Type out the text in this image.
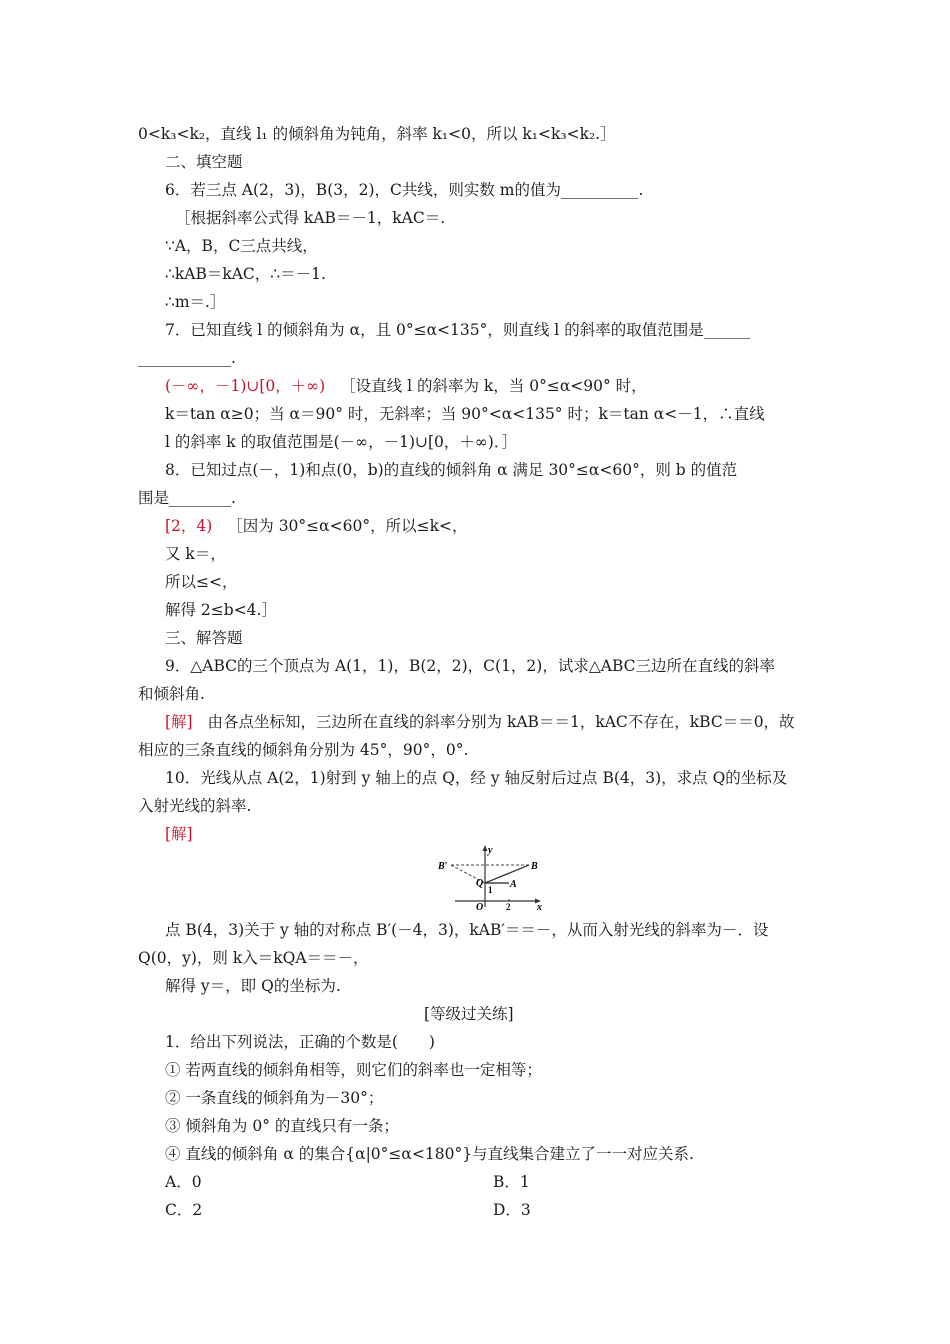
0<k₃<k₂，直线 l₁ 的倾斜角为钝角，斜率 k₁<0，所以 k₁<k₃<k₂.］
二、填空题
6．若三点 A(2，3)，B(3，2)，C共线，则实数 m的值为__________.
［根据斜率公式得 kAB＝－1，kAC＝.
∵A，B，C三点共线，
∴kAB＝kAC，∴＝－1.
∴m＝.］
7．已知直线 l 的倾斜角为 α，且 0°≤α<135°，则直线 l 的斜率的取值范围是______
____________.
(－∞，－1)∪[0，＋∞) ［设直线 l 的斜率为 k，当 0°≤α<90° 时，
k＝tan α≥0；当 α＝90° 时，无斜率；当 90°<α<135° 时；k＝tan α<－1，∴直线
l 的斜率 k 的取值范围是(－∞，－1)∪[0，＋∞)．］
8．已知过点(－，1)和点(0，b)的直线的倾斜角 α 满足 30°≤α<60°，则 b 的值范
围是________.
[2，4) ［因为 30°≤α<60°，所以≤k<，
又 k＝，
所以≤<，
解得 2≤b<4.］
三、解答题
9．△ABC的三个顶点为 A(1，1)，B(2，2)，C(1，2)，试求△ABC三边所在直线的斜率
和倾斜角.
[解] 由各点坐标知，三边所在直线的斜率分别为 kAB＝＝1，kAC不存在，kBC＝＝0，故
相应的三条直线的倾斜角分别为 45°，90°，0°.
10．光线从点 A(2，1)射到 y 轴上的点 Q，经 y 轴反射后过点 B(4，3)，求点 Q的坐标及
入射光线的斜率.
[解]
y
x
B′	B
Q
1 A
O	2
点 B(4，3)关于 y 轴的对称点 B′(－4，3)，kAB′＝＝－，从而入射光线的斜率为－．设
Q(0，y)，则 k入＝kQA＝＝－，
解得 y＝，即 Q的坐标为.
[等级过关练]
1．给出下列说法，正确的个数是(　　)
① 若两直线的倾斜角相等，则它们的斜率也一定相等；
② 一条直线的倾斜角为－30°；
③ 倾斜角为 0° 的直线只有一条；
④ 直线的倾斜角 α 的集合{α|0°≤α<180°}与直线集合建立了一一对应关系.
A．0	B．1
C．2	D．3
